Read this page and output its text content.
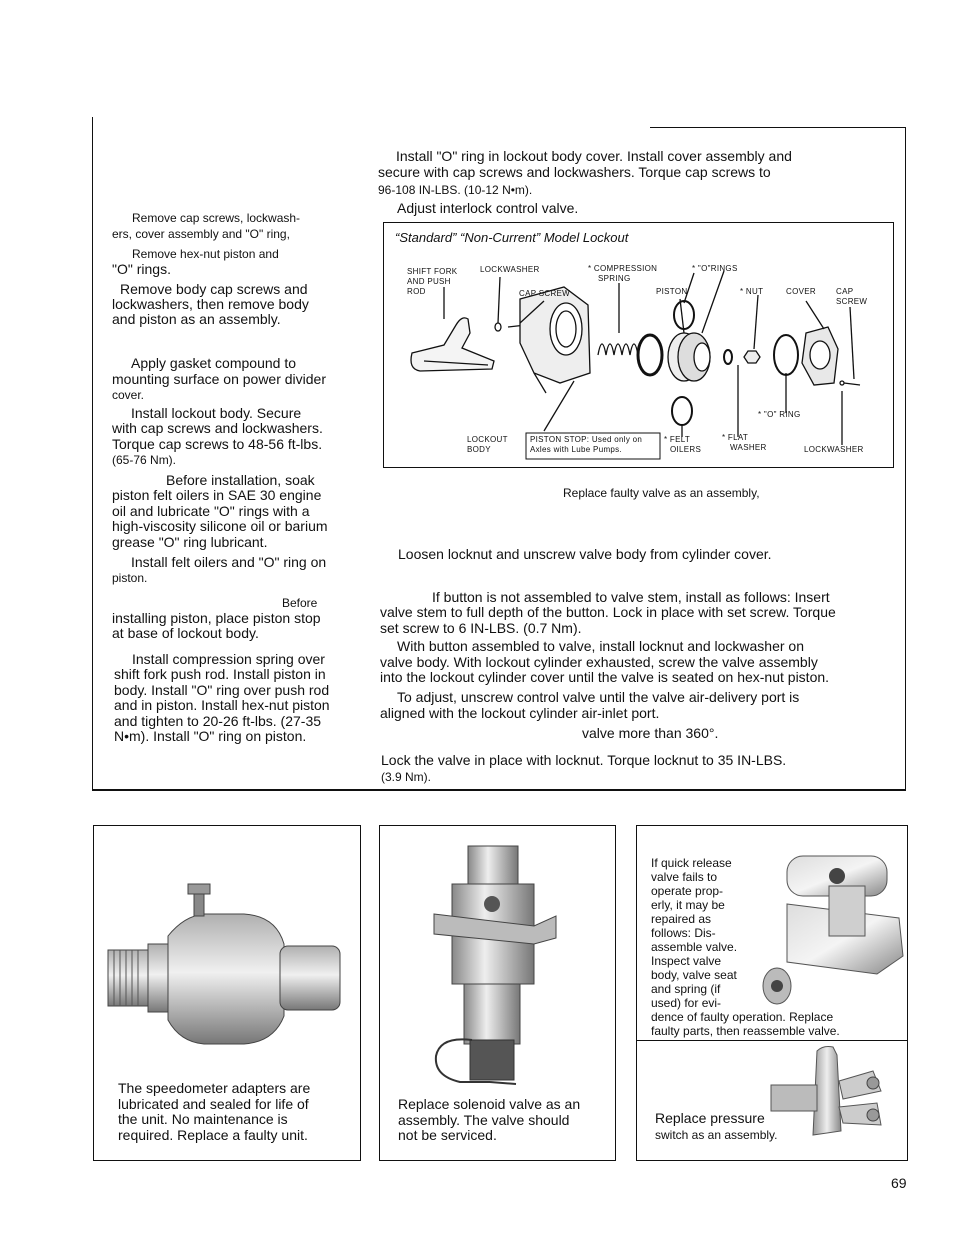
Remove cap screws, lockwash-
ers, cover assembly and "O" ring,
Remove hex-nut piston and
"O" rings.
Remove body cap screws and
lockwashers, then remove body
and piston as an assembly.
Apply gasket compound to
mounting surface on power divider
cover.
Install lockout body. Secure
with cap screws and lockwashers.
Torque cap screws to 48-56 ft-lbs.
(65-76 Nm).
Before installation, soak
piston felt oilers in SAE 30 engine
oil and lubricate "O" rings with a
high-viscosity silicone oil or barium
grease "O" ring lubricant.
Install felt oilers and "O" ring on
piston.
Before
installing piston, place piston stop
at base of lockout body.
Install compression spring over
shift fork push rod. Install piston in
body. Install "O" ring over push rod
and in piston. Install hex-nut piston
and tighten to 20-26 ft-lbs. (27-35
N•m). Install "O" ring on piston.
Install "O" ring in lockout body cover. Install cover assembly and
secure with cap screws and lockwashers. Torque cap screws to
96-108 IN-LBS. (10-12 N•m).
Adjust interlock control valve.
“Standard” “Non-Current” Model Lockout
SHIFT FORK
AND PUSH
ROD
LOCKWASHER
CAP SCREW
* COMPRESSION
SPRING
* "O"RINGS
PISTON	* NUT	COVER	CAP
SCREW
* "O" RING
LOCKOUT
BODY
PISTON STOP: Used only on
Axles with Lube Pumps.
* FELT
OILERS
* FLAT
WASHER	LOCKWASHER
Replace faulty valve as an assembly,
Loosen locknut and unscrew valve body from cylinder cover.
If button is not assembled to valve stem, install as follows: Insert
valve stem to full depth of the button. Lock in place with set screw. Torque
set screw to 6 IN-LBS. (0.7 Nm).
With button assembled to valve, install locknut and lockwasher on
valve body. With lockout cylinder exhausted, screw the valve assembly
into the lockout cylinder cover until the valve is seated on hex-nut piston.
To adjust, unscrew control valve until the valve air-delivery port is
aligned with the lockout cylinder air-inlet port.
valve more than 360°.
Lock the valve in place with locknut. Torque locknut to 35 IN-LBS.
(3.9 Nm).
The speedometer adapters are
lubricated and sealed for life of
the unit. No maintenance is
required. Replace a faulty unit.
Replace solenoid valve as an
assembly. The valve should
not be serviced.
If quick release
valve fails to
operate prop-
erly, it may be
repaired as
follows: Dis-
assemble valve.
Inspect valve
body, valve seat
and spring (if
used) for evi-
dence of faulty operation. Replace
faulty parts, then reassemble valve.
Replace pressure
switch as an assembly.
69
